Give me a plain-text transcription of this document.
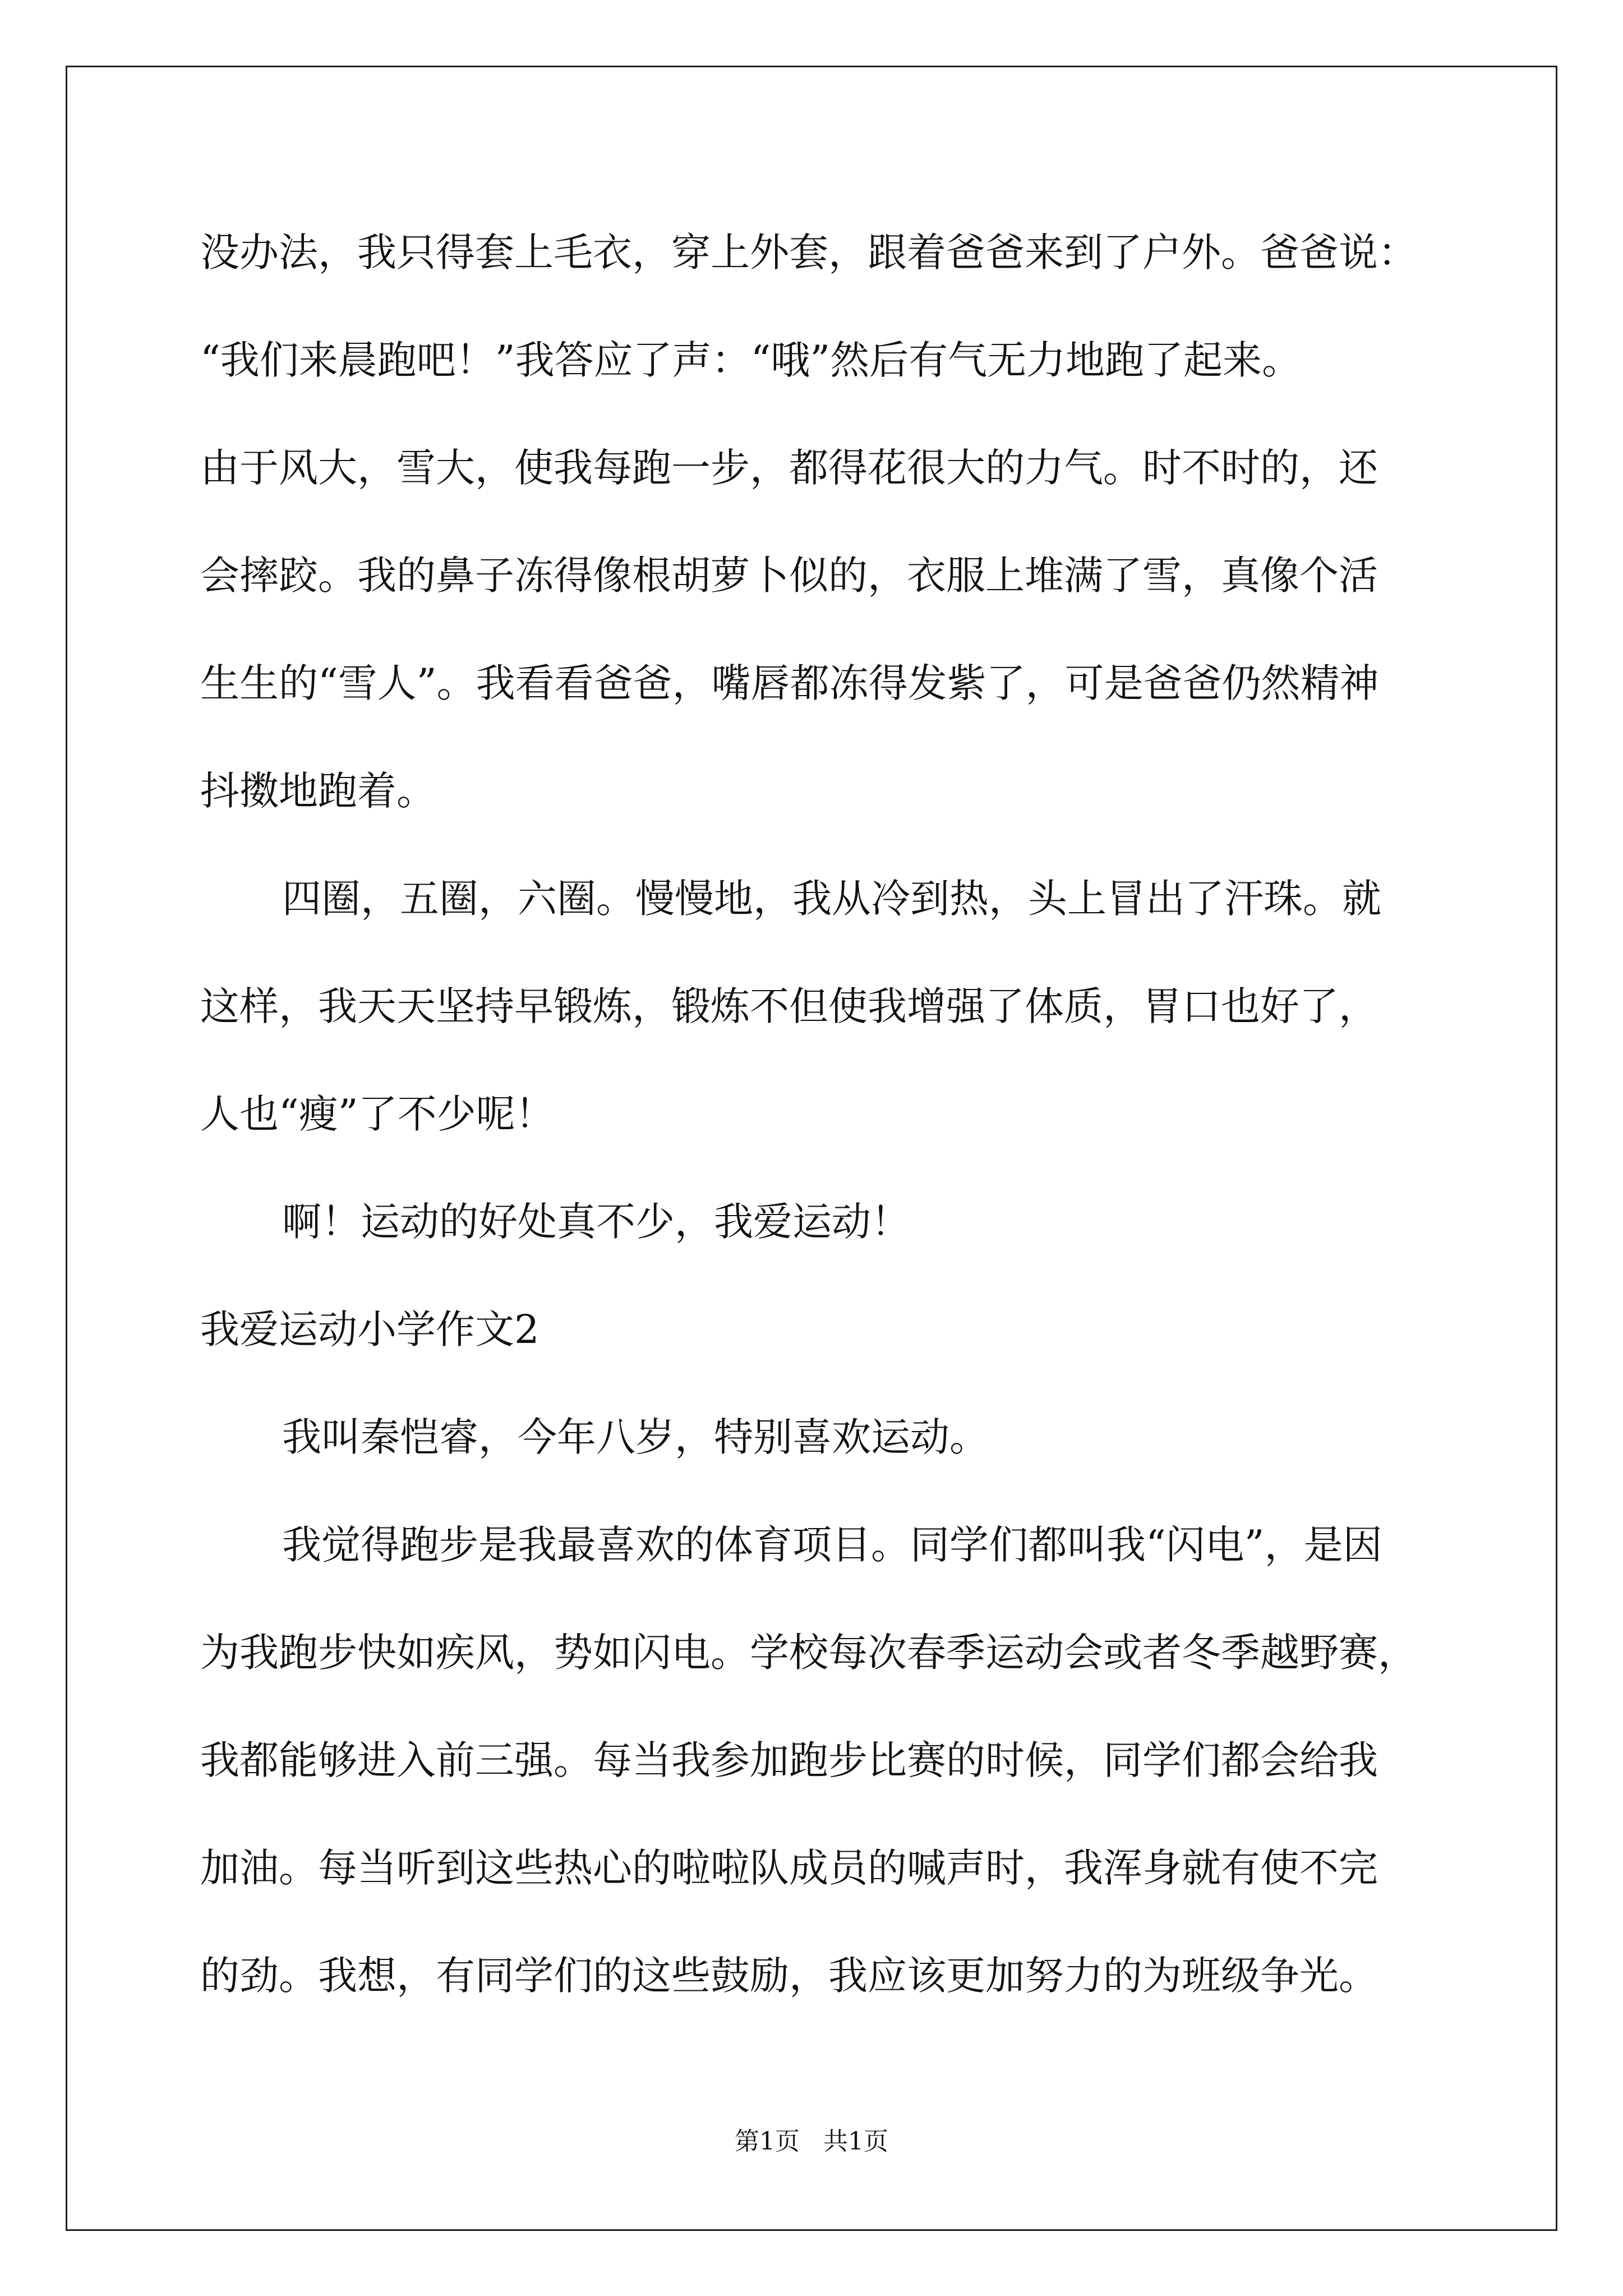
没办法，我只得套上毛衣，穿上外套，跟着爸爸来到了户外。爸爸说：
“我们来晨跑吧！”我答应了声：“哦”然后有气无力地跑了起来。
由于风大，雪大，使我每跑一步，都得花很大的力气。时不时的，还
会摔跤。我的鼻子冻得像根胡萝卜似的，衣服上堆满了雪，真像个活
生生的“雪人”。我看看爸爸，嘴唇都冻得发紫了，可是爸爸仍然精神
抖擞地跑着。
四圈，五圈，六圈。慢慢地，我从冷到热，头上冒出了汗珠。就
这样，我天天坚持早锻炼，锻炼不但使我增强了体质，胃口也好了，
人也“瘦”了不少呢！
啊！运动的好处真不少，我爱运动！
我爱运动小学作文2
我叫秦恺睿，今年八岁，特别喜欢运动。
我觉得跑步是我最喜欢的体育项目。同学们都叫我“闪电”，是因
为我跑步快如疾风，势如闪电。学校每次春季运动会或者冬季越野赛，
我都能够进入前三强。每当我参加跑步比赛的时候，同学们都会给我
加油。每当听到这些热心的啦啦队成员的喊声时，我浑身就有使不完
的劲。我想，有同学们的这些鼓励，我应该更加努力的为班级争光。
第1页   共1页
